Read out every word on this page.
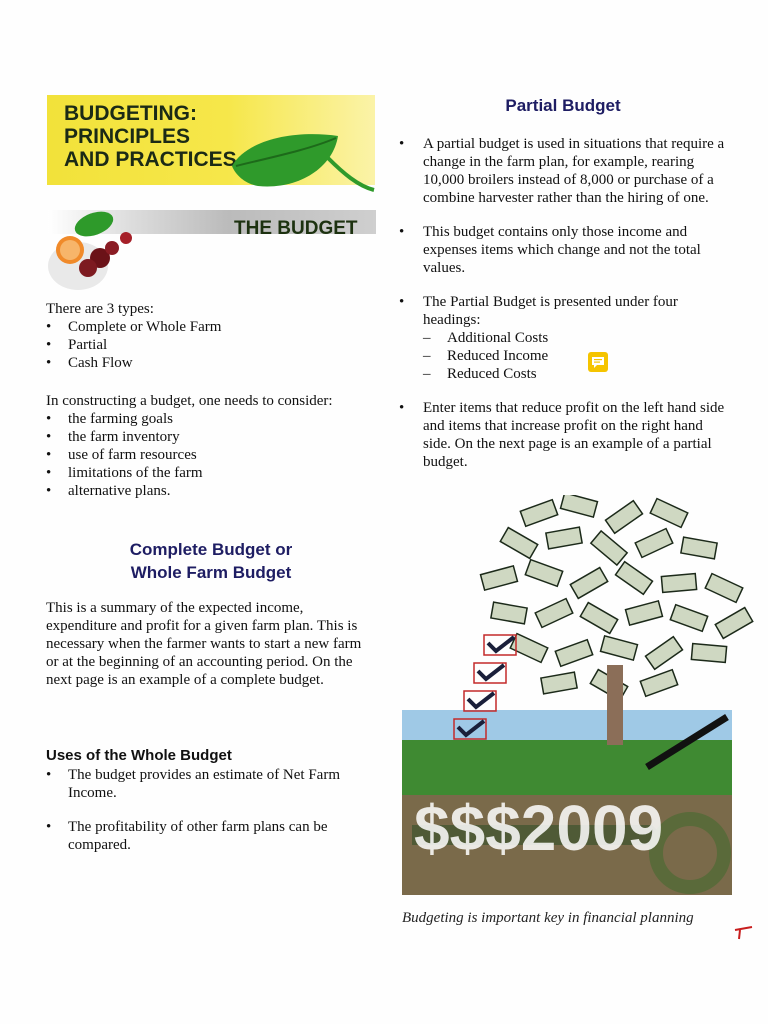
BUDGETING:
PRINCIPLES
AND PRACTICES
THE BUDGET
There are 3 types:
• Complete or Whole Farm
• Partial
• Cash Flow
In constructing a budget, one needs to consider:
• the farming goals
• the farm inventory
• use of farm resources
• limitations of the farm
• alternative plans.
Complete Budget or
Whole Farm Budget
This is a summary of the expected income, expenditure and profit for a given farm plan. This is necessary when the farmer wants to start a new farm or at the beginning of an accounting period. On the next page is an example of a complete budget.
Uses of the Whole Budget
• The budget provides an estimate of Net Farm Income.
• The profitability of other farm plans can be compared.
Partial Budget
• A partial budget is used in situations that require a change in the farm plan, for example, rearing 10,000 broilers instead of 8,000 or purchase of a combine harvester rather than the hiring of one.
• This budget contains only those income and expenses items which change and not the total values.
• The Partial Budget is presented under four headings:
– Additional Costs
– Reduced Income
– Reduced Costs
• Enter items that reduce profit on the left hand side and items that increase profit on the right hand side. On the next page is an example of a partial budget.
$$$2009
Budgeting is important key in financial planning
